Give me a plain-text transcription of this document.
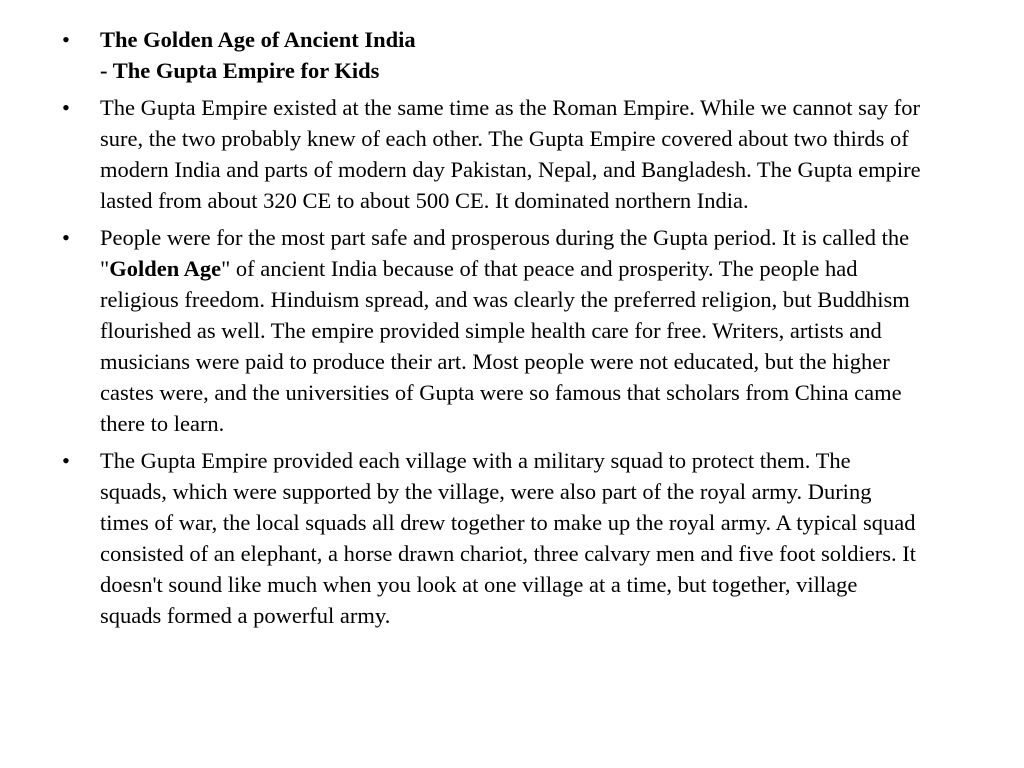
•	The Golden Age of Ancient India
- The Gupta Empire for Kids
•	The Gupta Empire existed at the same time as the Roman Empire. While we cannot say for sure, the two probably knew of each other. The Gupta Empire covered about two thirds of modern India and parts of modern day Pakistan, Nepal, and Bangladesh. The Gupta empire lasted from about 320 CE to about 500 CE. It dominated northern India.
•	People were for the most part safe and prosperous during the Gupta period. It is called the "Golden Age" of ancient India because of that peace and prosperity. The people had religious freedom. Hinduism spread, and was clearly the preferred religion, but Buddhism flourished as well. The empire provided simple health care for free. Writers, artists and musicians were paid to produce their art. Most people were not educated, but the higher castes were, and the universities of Gupta were so famous that scholars from China came there to learn.
•	The Gupta Empire provided each village with a military squad to protect them. The squads, which were supported by the village, were also part of the royal army. During times of war, the local squads all drew together to make up the royal army. A typical squad consisted of an elephant, a horse drawn chariot, three calvary men and five foot soldiers. It doesn't sound like much when you look at one village at a time, but together, village squads formed a powerful army.
